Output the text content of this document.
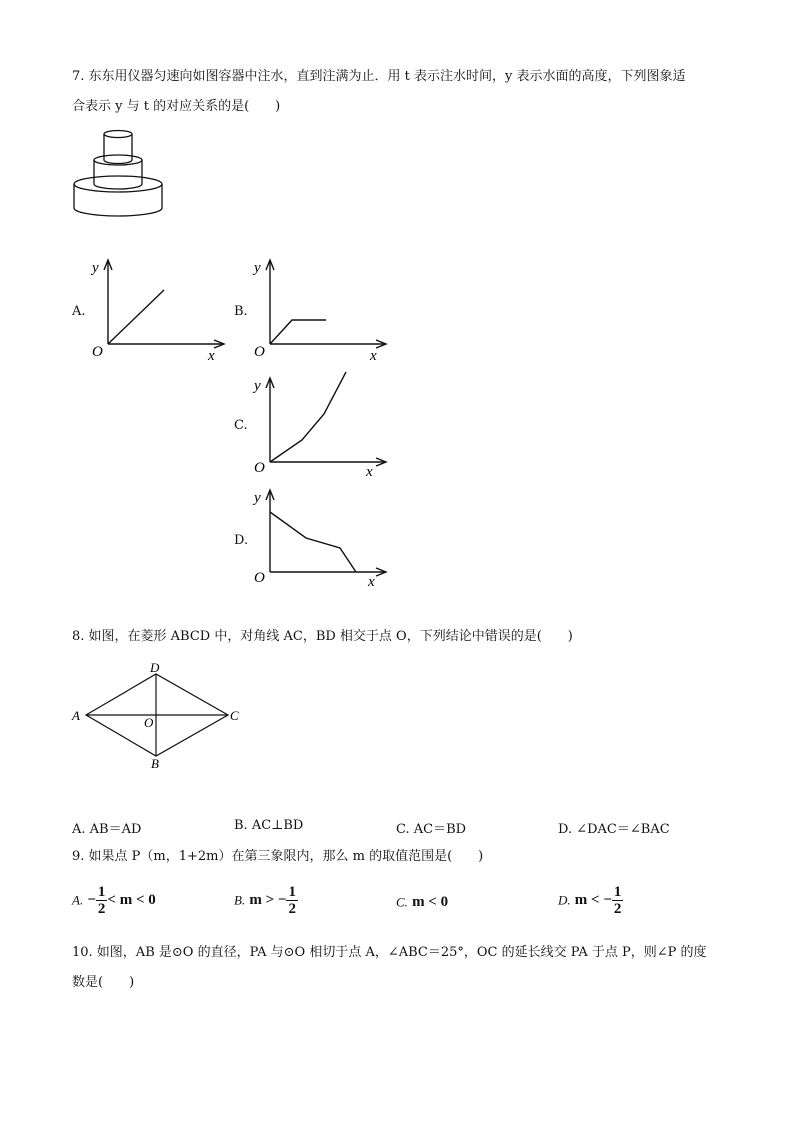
7. 东东用仪器匀速向如图容器中注水，直到注满为止．用 t 表示注水时间，y 表示水面的高度，下列图象适
合表示 y 与 t 的对应关系的是(　　)
A.
y
O	x
B.
y
O	x
C.
y
O	x
D.
y
O	x
8. 如图，在菱形 ABCD 中，对角线 AC，BD 相交于点 O，下列结论中错误的是(　　)
D
A	C
O
B
A. AB＝AD	B. AC⊥BD	C. AC＝BD	D. ∠DAC＝∠BAC
9. 如果点 P（m，1+2m）在第三象限内，那么 m 的取值范围是(　　)
A. − $\frac{1}{2} < m < 0$	B. m > − $\frac{1}{2}$	C. m < 0	D. m < − $\frac{1}{2}$
10. 如图，AB 是⊙O 的直径，PA 与⊙O 相切于点 A，∠ABC＝25°，OC 的延长线交 PA 于点 P，则∠P 的度
数是(　　)
